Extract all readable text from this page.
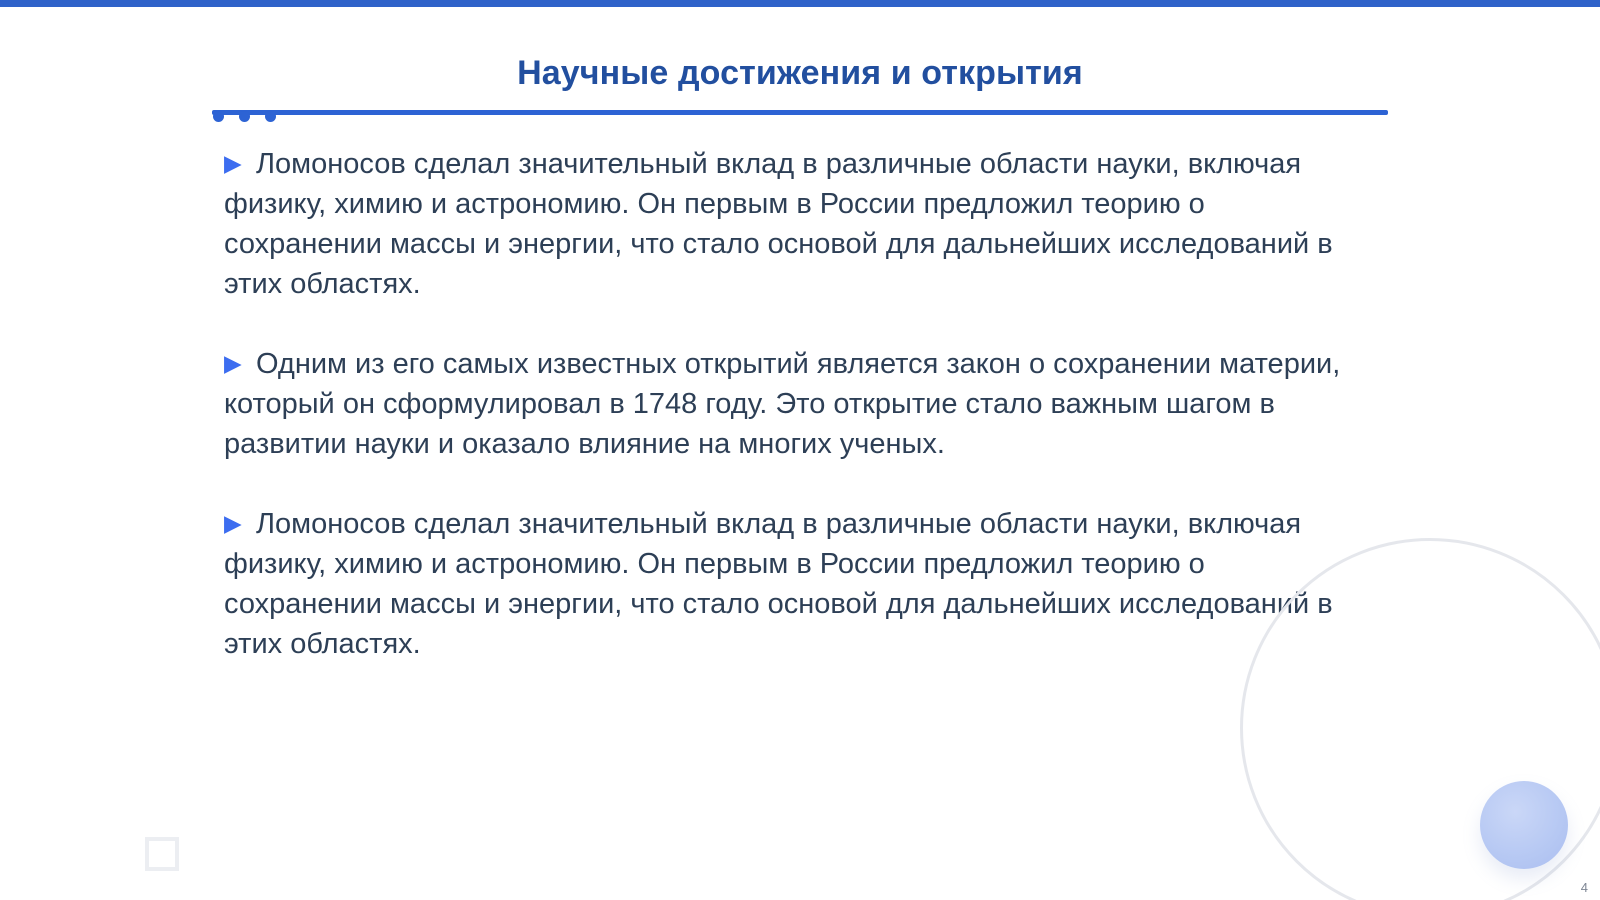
Научные достижения и открытия
▶ Ломоносов сделал значительный вклад в различные области науки, включая физику, химию и астрономию. Он первым в России предложил теорию о сохранении массы и энергии, что стало основой для дальнейших исследований в этих областях.
▶ Одним из его самых известных открытий является закон о сохранении материи, который он сформулировал в 1748 году. Это открытие стало важным шагом в развитии науки и оказало влияние на многих ученых.
▶ Ломоносов сделал значительный вклад в различные области науки, включая физику, химию и астрономию. Он первым в России предложил теорию о сохранении массы и энергии, что стало основой для дальнейших исследований в этих областях.
4
